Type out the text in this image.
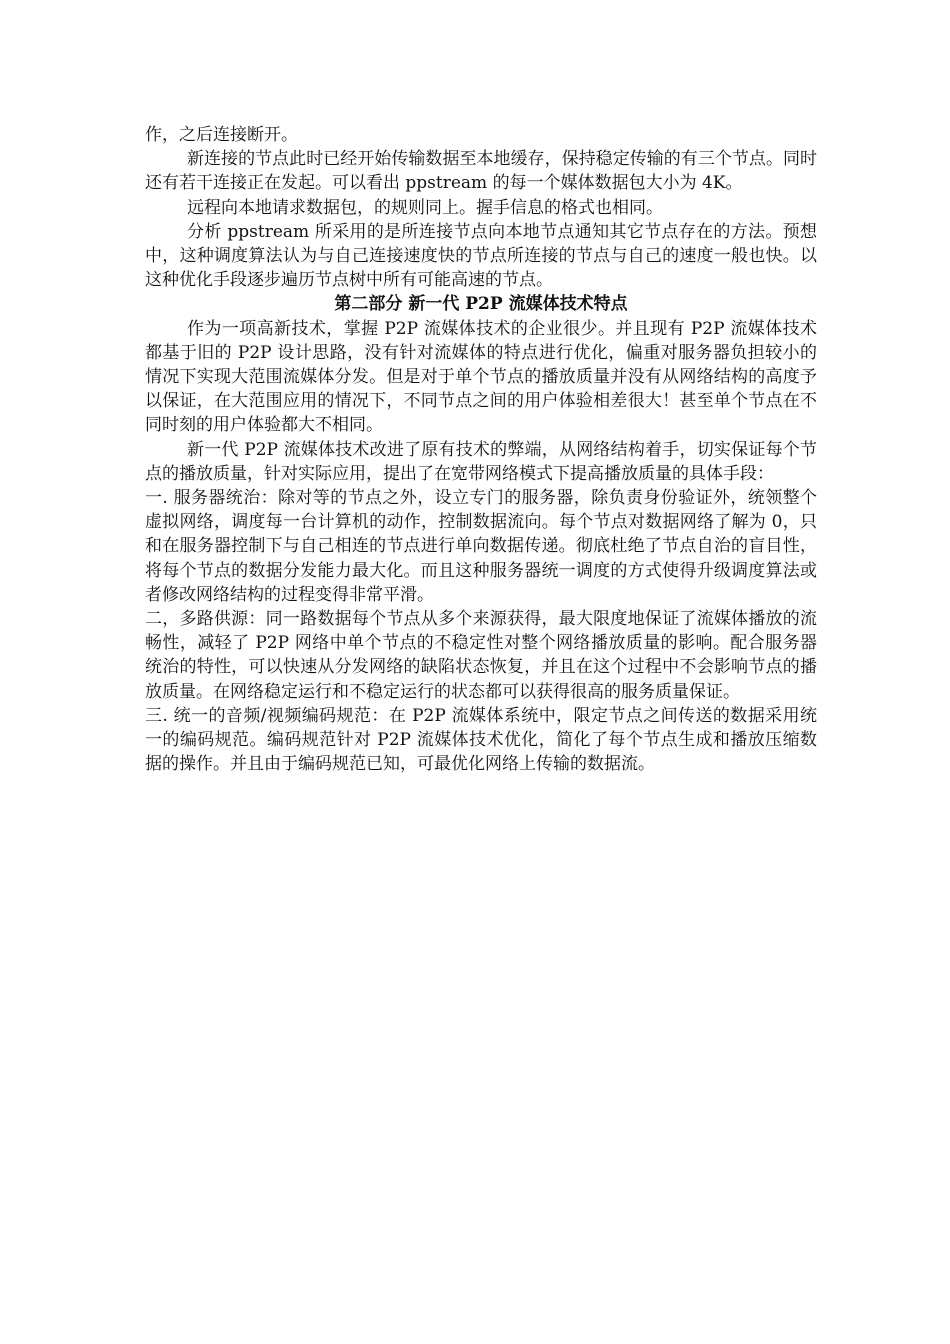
作，之后连接断开。

新连接的节点此时已经开始传输数据至本地缓存，保持稳定传输的有三个节点。同时还有若干连接正在发起。可以看出 ppstream 的每一个媒体数据包大小为 4K。

远程向本地请求数据包，的规则同上。握手信息的格式也相同。

分析 ppstream 所采用的是所连接节点向本地节点通知其它节点存在的方法。预想中，这种调度算法认为与自己连接速度快的节点所连接的节点与自己的速度一般也快。以这种优化手段逐步遍历节点树中所有可能高速的节点。

第二部分 新一代 P2P 流媒体技术特点

作为一项高新技术，掌握 P2P 流媒体技术的企业很少。并且现有 P2P 流媒体技术都基于旧的 P2P 设计思路，没有针对流媒体的特点进行优化，偏重对服务器负担较小的情况下实现大范围流媒体分发。但是对于单个节点的播放质量并没有从网络结构的高度予以保证，在大范围应用的情况下，不同节点之间的用户体验相差很大！甚至单个节点在不同时刻的用户体验都大不相同。

新一代 P2P 流媒体技术改进了原有技术的弊端，从网络结构着手，切实保证每个节点的播放质量，针对实际应用，提出了在宽带网络模式下提高播放质量的具体手段：

一. 服务器统治：除对等的节点之外，设立专门的服务器，除负责身份验证外，统领整个虚拟网络，调度每一台计算机的动作，控制数据流向。每个节点对数据网络了解为 0，只和在服务器控制下与自己相连的节点进行单向数据传递。彻底杜绝了节点自治的盲目性，将每个节点的数据分发能力最大化。而且这种服务器统一调度的方式使得升级调度算法或者修改网络结构的过程变得非常平滑。

二，多路供源：同一路数据每个节点从多个来源获得，最大限度地保证了流媒体播放的流畅性，减轻了 P2P 网络中单个节点的不稳定性对整个网络播放质量的影响。配合服务器统治的特性，可以快速从分发网络的缺陷状态恢复，并且在这个过程中不会影响节点的播放质量。在网络稳定运行和不稳定运行的状态都可以获得很高的服务质量保证。

三. 统一的音频/视频编码规范：在 P2P 流媒体系统中，限定节点之间传送的数据采用统一的编码规范。编码规范针对 P2P 流媒体技术优化，简化了每个节点生成和播放压缩数据的操作。并且由于编码规范已知，可最优化网络上传输的数据流。
